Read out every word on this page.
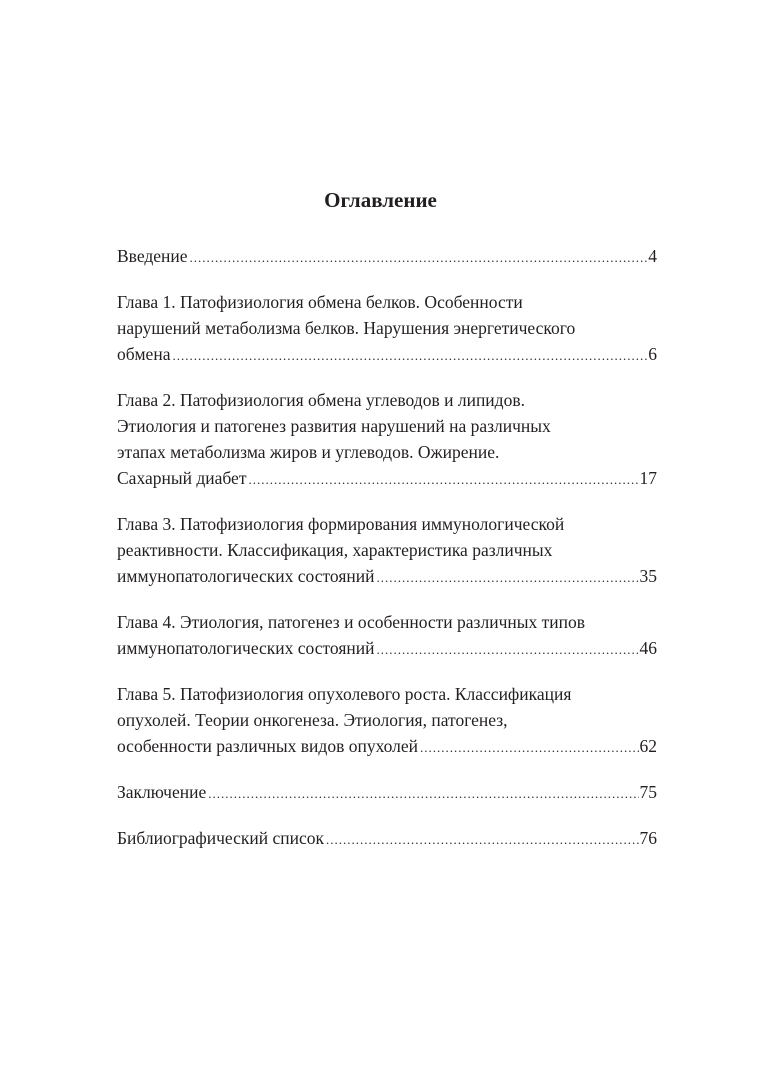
Оглавление
Введение .....	4
Глава 1. Патофизиология обмена белков. Особенности
нарушений метаболизма белков. Нарушения энергетического
обмена .....	6
Глава 2. Патофизиология обмена углеводов и липидов.
Этиология и патогенез развития нарушений на различных
этапах метаболизма жиров и углеводов. Ожирение.
Сахарный диабет .....	17
Глава 3. Патофизиология формирования иммунологической
реактивности. Классификация, характеристика различных
иммунопатологических состояний .....	35
Глава 4. Этиология, патогенез и особенности различных типов
иммунопатологических состояний .....	46
Глава 5. Патофизиология опухолевого роста. Классификация
опухолей. Теории онкогенеза. Этиология, патогенез,
особенности различных видов опухолей .....	62
Заключение .....	75
Библиографический список .....	76
